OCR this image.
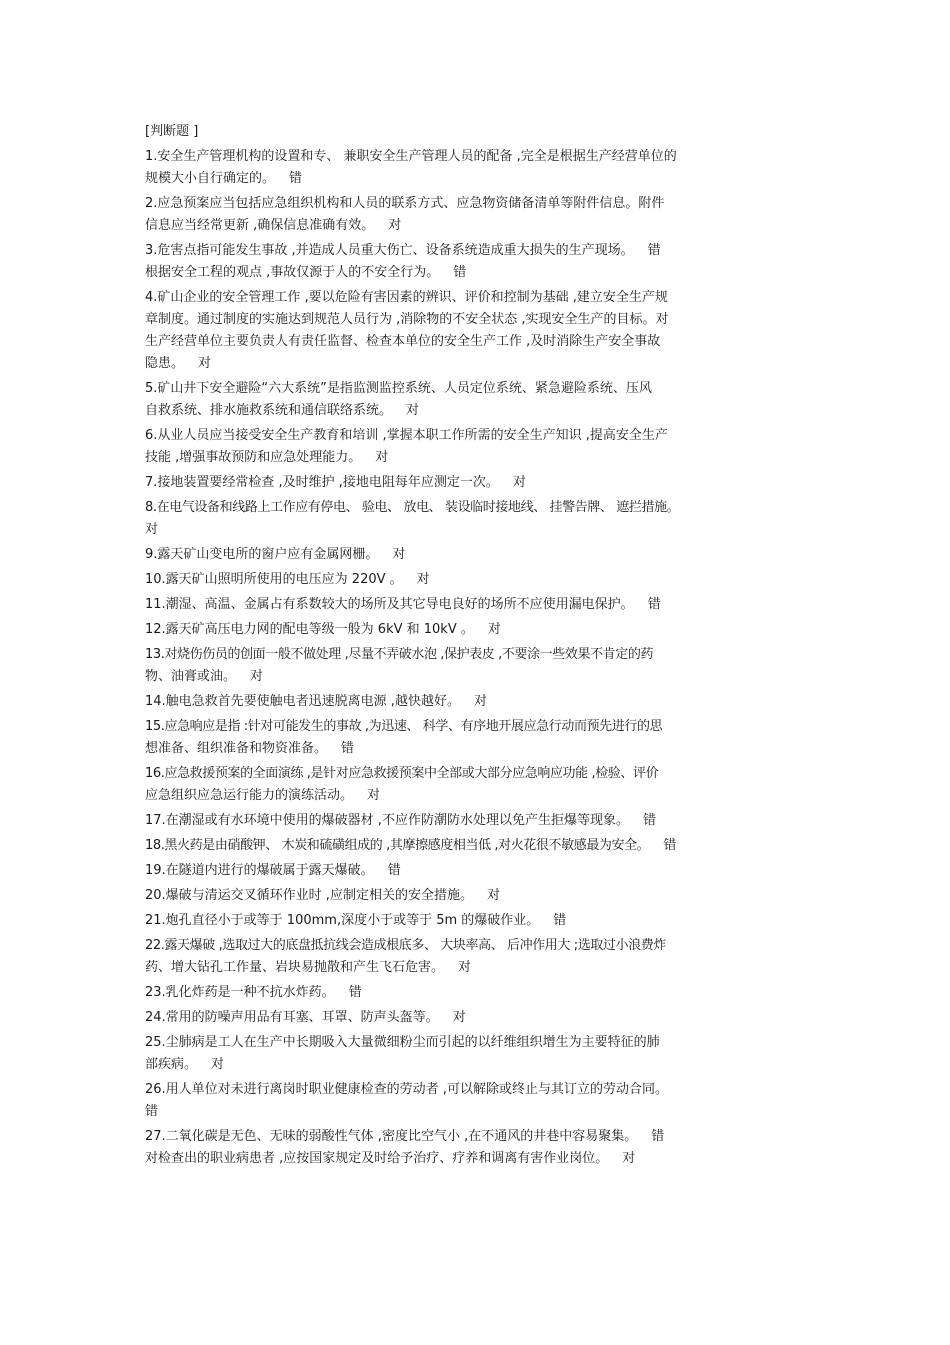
[判断题 ]
1.安全生产管理机构的设置和专、 兼职安全生产管理人员的配备 ,完全是根据生产经营单位的
规模大小自行确定的。 错
2.应急预案应当包括应急组织机构和人员的联系方式、应急物资储备清单等附件信息。附件
信息应当经常更新 ,确保信息准确有效。 对
3.危害点指可能发生事故 ,并造成人员重大伤亡、设备系统造成重大损失的生产现场。 错
根据安全工程的观点 ,事故仅源于人的不安全行为。 错
4.矿山企业的安全管理工作 ,要以危险有害因素的辨识、评价和控制为基础 ,建立安全生产规
章制度。通过制度的实施达到规范人员行为 ,消除物的不安全状态 ,实现安全生产的目标。对
生产经营单位主要负责人有责任监督、检查本单位的安全生产工作 ,及时消除生产安全事故
隐患。 对
5.矿山井下安全避险“六大系统”是指监测监控系统、人员定位系统、紧急避险系统、压风
自救系统、排水施救系统和通信联络系统。 对
6.从业人员应当接受安全生产教育和培训 ,掌握本职工作所需的安全生产知识 ,提高安全生产
技能 ,增强事故预防和应急处理能力。 对
7.接地装置要经常检查 ,及时维护 ,接地电阻每年应测定一次。 对
8.在电气设备和线路上工作应有停电、 验电、 放电、 装设临时接地线、 挂警告牌、 遮拦措施。
对
9.露天矿山变电所的窗户应有金属网栅。 对
10.露天矿山照明所使用的电压应为 220V 。 对
11.潮湿、高温、金属占有系数较大的场所及其它导电良好的场所不应使用漏电保护。 错
12.露天矿高压电力网的配电等级一般为 6kV 和 10kV 。 对
13.对烧伤伤员的创面一般不做处理 ,尽量不弄破水泡 ,保护表皮 ,不要涂一些效果不肯定的药
物、油膏或油。 对
14.触电急救首先要使触电者迅速脱离电源 ,越快越好。 对
15.应急响应是指 :针对可能发生的事故 ,为迅速、 科学、有序地开展应急行动而预先进行的思
想准备、组织准备和物资准备。 错
16.应急救援预案的全面演练 ,是针对应急救援预案中全部或大部分应急响应功能 ,检验、评价
应急组织应急运行能力的演练活动。 对
17.在潮湿或有水环境中使用的爆破器材 ,不应作防潮防水处理以免产生拒爆等现象。 错
18.黑火药是由硝酸钾、 木炭和硫磺组成的 ,其摩擦感度相当低 ,对火花很不敏感最为安全。 错
19.在隧道内进行的爆破属于露天爆破。 错
20.爆破与清运交叉循环作业时 ,应制定相关的安全措施。 对
21.炮孔直径小于或等于 100mm,深度小于或等于 5m 的爆破作业。 错
22.露天爆破 ,选取过大的底盘抵抗线会造成根底多、 大块率高、 后冲作用大 ;选取过小浪费炸
药、增大钻孔工作量、岩块易抛散和产生飞石危害。 对
23.乳化炸药是一种不抗水炸药。 错
24.常用的防噪声用品有耳塞、耳罩、防声头盔等。 对
25.尘肺病是工人在生产中长期吸入大量微细粉尘而引起的以纤维组织增生为主要特征的肺
部疾病。 对
26.用人单位对未进行离岗时职业健康检查的劳动者 ,可以解除或终止与其订立的劳动合同。
错
27.二氧化碳是无色、无味的弱酸性气体 ,密度比空气小 ,在不通风的井巷中容易聚集。 错
对检查出的职业病患者 ,应按国家规定及时给予治疗、疗养和调离有害作业岗位。 对
